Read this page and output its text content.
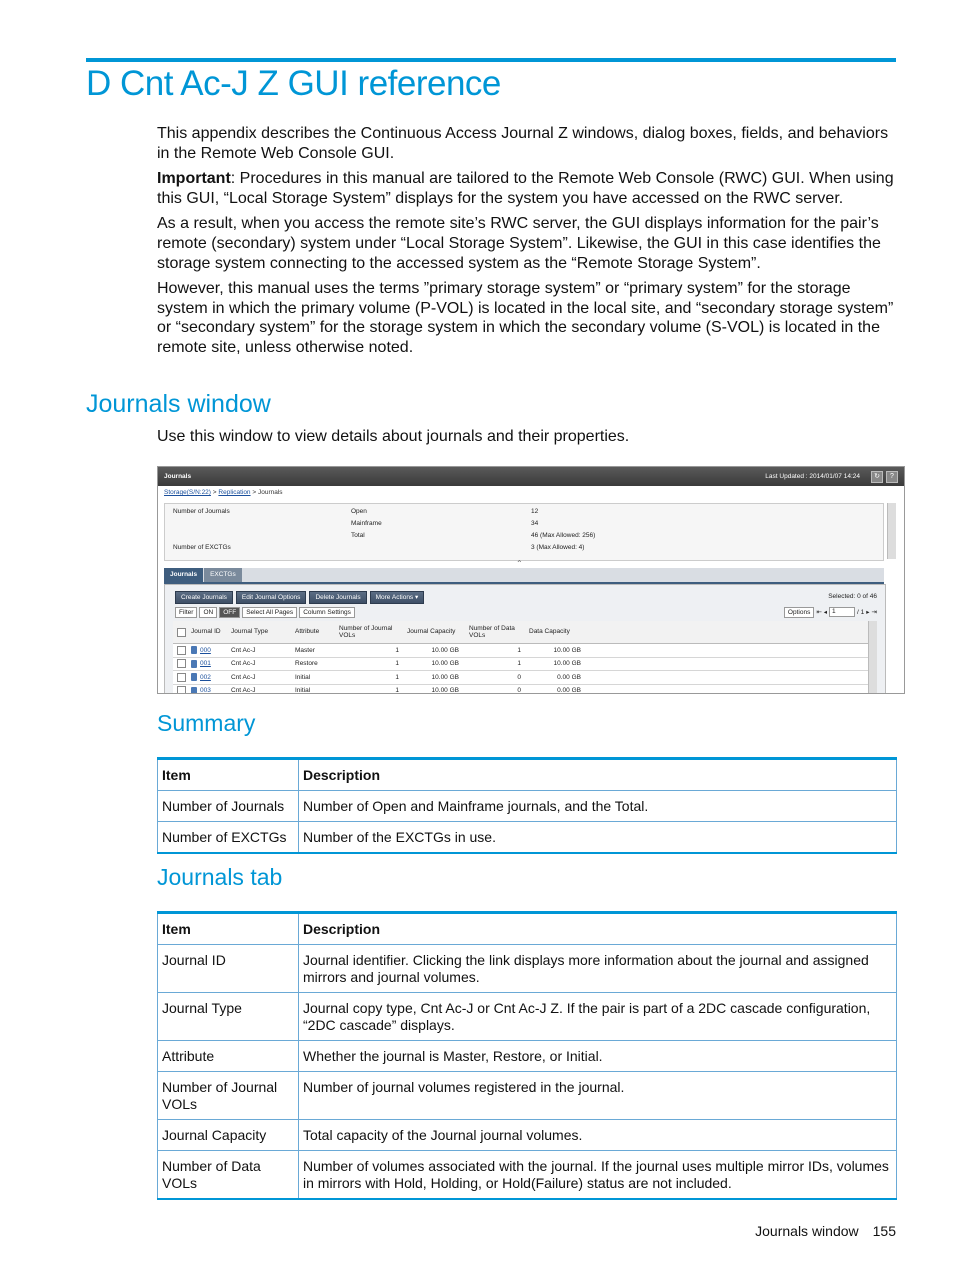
D Cnt Ac-J Z GUI reference

This appendix describes the Continuous Access Journal Z windows, dialog boxes, fields, and behaviors in the Remote Web Console GUI.

Important: Procedures in this manual are tailored to the Remote Web Console (RWC) GUI. When using this GUI, “Local Storage System” displays for the system you have accessed on the RWC server.

As a result, when you access the remote site’s RWC server, the GUI displays information for the pair’s remote (secondary) system under “Local Storage System”. Likewise, the GUI in this case identifies the storage system connecting to the accessed system as the “Remote Storage System”.

However, this manual uses the terms ”primary storage system” or “primary system” for the storage system in which the primary volume (P-VOL) is located in the local site, and “secondary storage system” or “secondary system” for the storage system in which the secondary volume (S-VOL) is located in the remote site, unless otherwise noted.

Journals window
Use this window to view details about journals and their properties.
Journals	Last Updated : 2014/01/07 14:24	↻	?
Storage(S/N:22) > Replication > Journals
Number of Journals	Open	12
Mainframe	34
Total	46 (Max Allowed: 256)
Number of EXCTGs	3 (Max Allowed: 4)
⌃
Journals	EXCTGs
Create Journals	Edit Journal Options	Delete Journals	More Actions ▾	Selected: 0 of 46
Filter	ON	OFF	Select All Pages	Column Settings	Options ⇤ ◂ 1	/ 1 ▸ ⇥
Journal ID	Journal Type	Attribute
Number of Journal VOLs
Journal Capacity
Number of Data VOLs
Data Capacity
000	Cnt Ac-J	Master	1	10.00 GB	1	10.00 GB
001	Cnt Ac-J	Restore	1	10.00 GB	1	10.00 GB
002	Cnt Ac-J	Initial	1	10.00 GB	0	0.00 GB
003	Cnt Ac-J	Initial	1	10.00 GB	0	0.00 GB
Summary
Item	Description
Number of Journals	Number of Open and Mainframe journals, and the Total.
Number of EXCTGs	Number of the EXCTGs in use.
Journals tab
Item	Description
Journal ID	Journal identifier. Clicking the link displays more information about the journal and assigned mirrors and journal volumes.
Journal Type	Journal copy type, Cnt Ac-J or Cnt Ac-J Z. If the pair is part of a 2DC cascade configuration, “2DC cascade” displays.
Attribute	Whether the journal is Master, Restore, or Initial.
Number of Journal VOLs	Number of journal volumes registered in the journal.
Journal Capacity	Total capacity of the Journal journal volumes.
Number of Data VOLs	Number of volumes associated with the journal. If the journal uses multiple mirror IDs, volumes in mirrors with Hold, Holding, or Hold(Failure) status are not included.
Journals window 155
